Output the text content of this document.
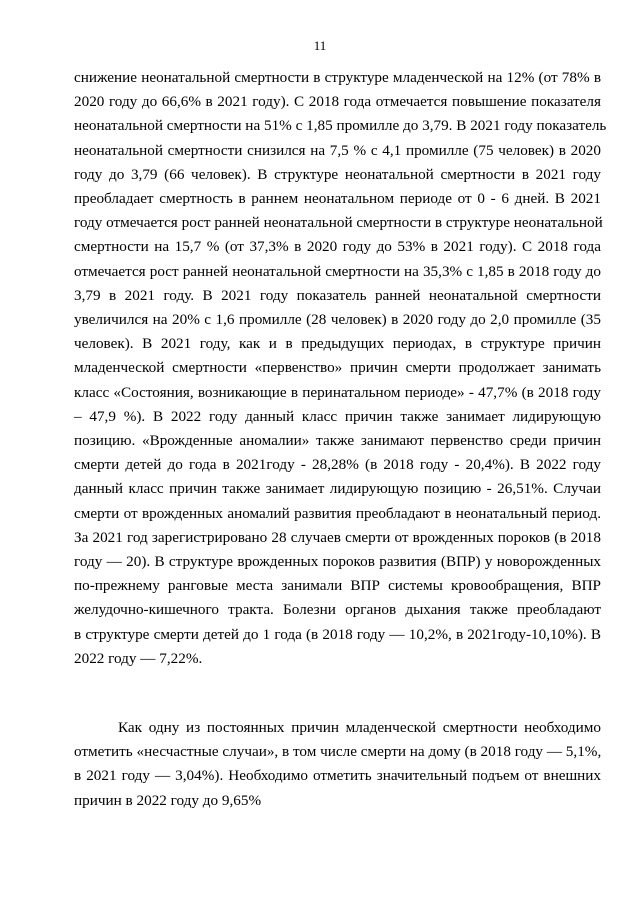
11
снижение неонатальной смертности в структуре младенческой на 12% (от 78% в
2020 году до 66,6% в 2021 году). С 2018 года отмечается повышение показателя
неонатальной смертности на 51% с 1,85 промилле до 3,79. В 2021 году показатель
неонатальной смертности снизился на 7,5 % с 4,1 промилле (75 человек) в 2020
году до 3,79 (66 человек). В структуре неонатальной смертности в 2021 году
преобладает смертность в раннем неонатальном периоде от 0 - 6 дней. В 2021
году отмечается рост ранней неонатальной смертности в структуре неонатальной
смертности на 15,7 % (от 37,3% в 2020 году до 53% в 2021 году). С 2018 года
отмечается рост ранней неонатальной смертности на 35,3% с 1,85 в 2018 году до
3,79 в 2021 году. В 2021 году показатель ранней неонатальной смертности
увеличился на 20% с 1,6 промилле (28 человек) в 2020 году до 2,0 промилле (35
человек). В 2021 году, как и в предыдущих периодах, в структуре причин
младенческой смертности «первенство» причин смерти продолжает занимать
класс «Состояния, возникающие в перинатальном периоде» - 47,7% (в 2018 году
– 47,9 %). В 2022 году данный класс причин также занимает лидирующую
позицию. «Врожденные аномалии» также занимают первенство среди причин
смерти детей до года в 2021году - 28,28% (в 2018 году - 20,4%). В 2022 году
данный класс причин также занимает лидирующую позицию - 26,51%. Случаи
смерти от врожденных аномалий развития преобладают в неонатальный период.
За 2021 год зарегистрировано 28 случаев смерти от врожденных пороков (в 2018
году — 20). В структуре врожденных пороков развития (ВПР) у новорожденных
по-прежнему ранговые места занимали ВПР системы кровообращения, ВПР
желудочно-кишечного тракта. Болезни органов дыхания также преобладают
в структуре смерти детей до 1 года (в 2018 году — 10,2%, в 2021году-10,10%). В
2022 году — 7,22%.
Как одну из постоянных причин младенческой смертности необходимо
отметить «несчастные случаи», в том числе смерти на дому (в 2018 году — 5,1%,
в 2021 году — 3,04%). Необходимо отметить значительный подъем от внешних
причин в 2022 году до 9,65%
